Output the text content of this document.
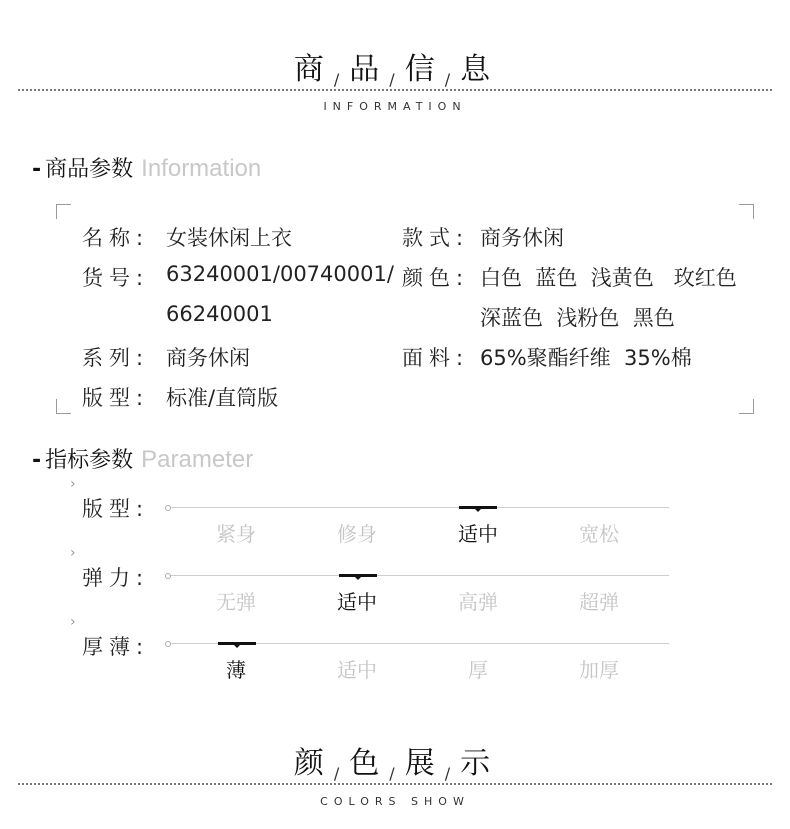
商 / 品 / 信 / 息
INFORMATION
- 商品参数 Information
名称: 女装休闲上衣	款式: 商务休闲
货号: 63240001/00740001/
66240001
颜色: 白色  蓝色  浅黄色   玫红色
深蓝色  浅粉色  黑色
系列: 商务休闲	面料: 65%聚酯纤维  35%棉
版型: 标准/直筒版
- 指标参数 Parameter
›
版型:
紧身	修身	适中	宽松
›
弹力:
无弹	适中	高弹	超弹
›
厚薄:
薄	适中	厚	加厚
颜 / 色 / 展 / 示
COLORS SHOW
